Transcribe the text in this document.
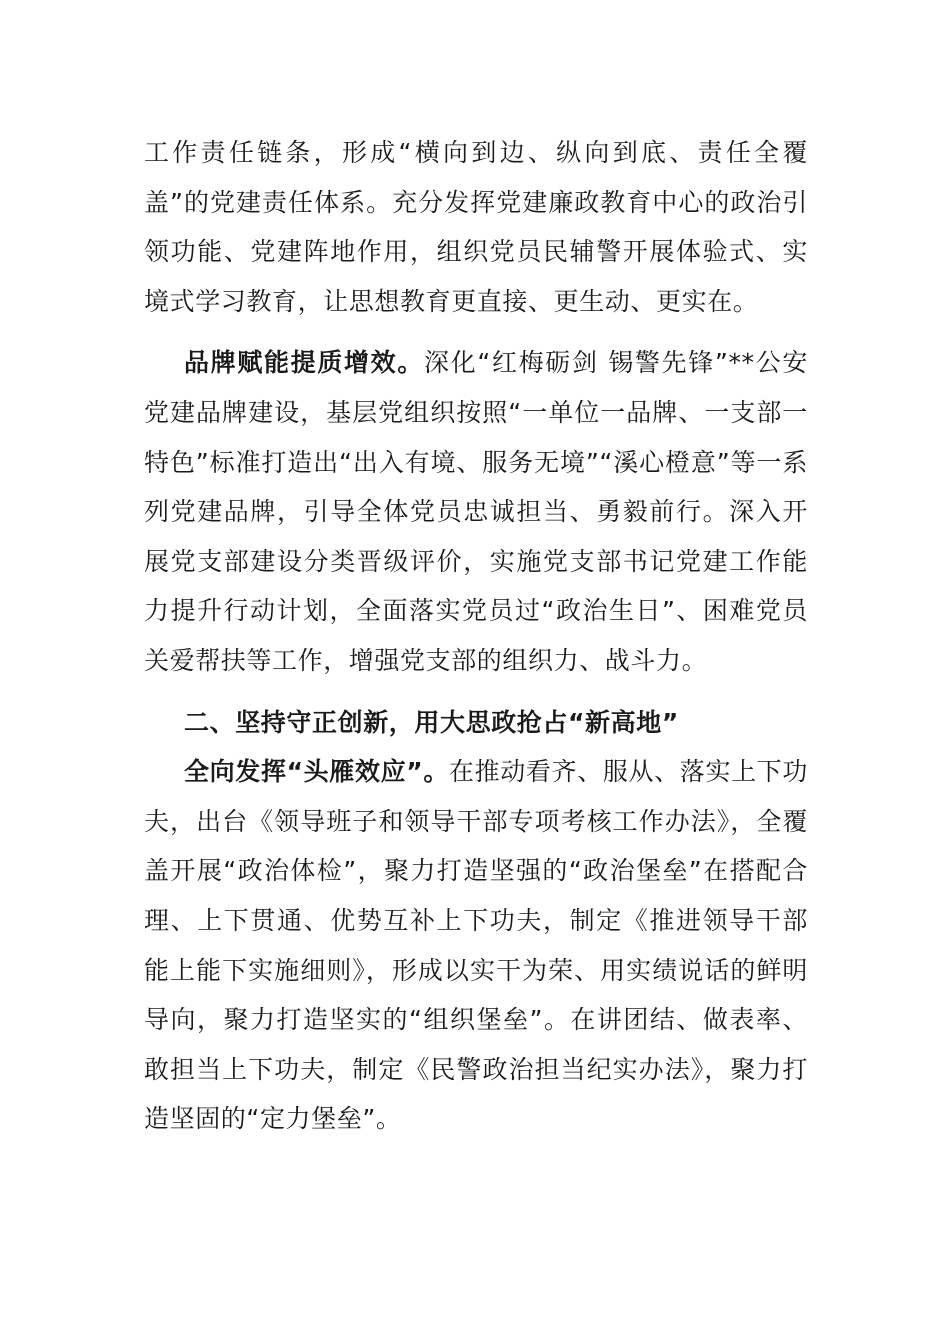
工作责任链条，形成“横向到边、纵向到底、责任全覆盖”的党建责任体系。充分发挥党建廉政教育中心的政治引领功能、党建阵地作用，组织党员民辅警开展体验式、实境式学习教育，让思想教育更直接、更生动、更实在。

品牌赋能提质增效。深化“红梅砺剑 锡警先锋”**公安党建品牌建设，基层党组织按照“一单位一品牌、一支部一特色”标准打造出“出入有境、服务无境”“溪心橙意”等一系列党建品牌，引导全体党员忠诚担当、勇毅前行。深入开展党支部建设分类晋级评价，实施党支部书记党建工作能力提升行动计划，全面落实党员过“政治生日”、困难党员关爱帮扶等工作，增强党支部的组织力、战斗力。

二、坚持守正创新，用大思政抢占“新高地”

全向发挥“头雁效应”。在推动看齐、服从、落实上下功夫，出台《领导班子和领导干部专项考核工作办法》，全覆盖开展“政治体检”，聚力打造坚强的“政治堡垒”在搭配合理、上下贯通、优势互补上下功夫，制定《推进领导干部能上能下实施细则》，形成以实干为荣、用实绩说话的鲜明导向，聚力打造坚实的“组织堡垒”。在讲团结、做表率、敢担当上下功夫，制定《民警政治担当纪实办法》，聚力打造坚固的“定力堡垒”。
